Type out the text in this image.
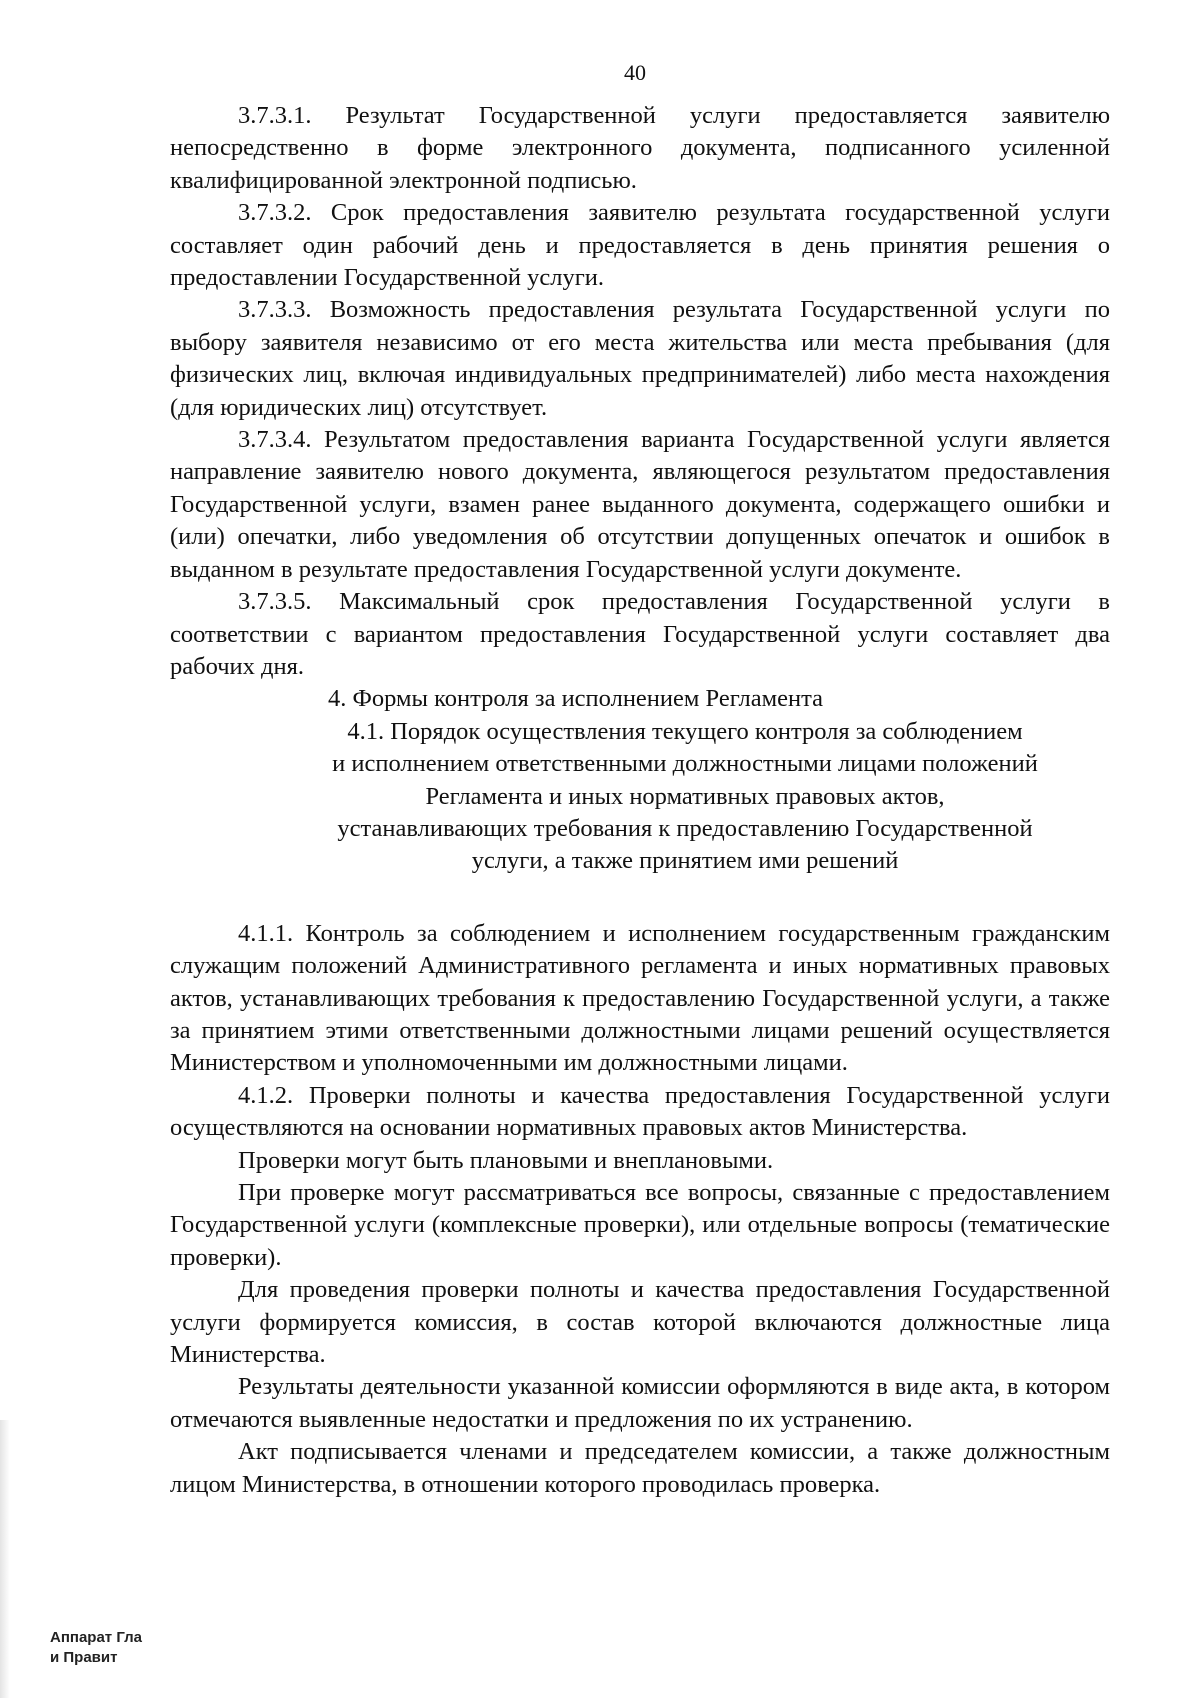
40

3.7.3.1. Результат Государственной услуги предоставляется заявителю непосредственно в форме электронного документа, подписанного усиленной квалифицированной электронной подписью.

3.7.3.2. Срок предоставления заявителю результата государственной услуги составляет один рабочий день и предоставляется в день принятия решения о предоставлении Государственной услуги.

3.7.3.3. Возможность предоставления результата Государственной услуги по выбору заявителя независимо от его места жительства или места пребывания (для физических лиц, включая индивидуальных предпринимателей) либо места нахождения (для юридических лиц) отсутствует.

3.7.3.4. Результатом предоставления варианта Государственной услуги является направление заявителю нового документа, являющегося результатом предоставления Государственной услуги, взамен ранее выданного документа, содержащего ошибки и (или) опечатки, либо уведомления об отсутствии допущенных опечаток и ошибок в выданном в результате предоставления Государственной услуги документе.

3.7.3.5. Максимальный срок предоставления Государственной услуги в соответствии с вариантом предоставления Государственной услуги составляет два рабочих дня.

4. Формы контроля за исполнением Регламента

4.1. Порядок осуществления текущего контроля за соблюдением
и исполнением ответственными должностными лицами положений
Регламента и иных нормативных правовых актов,
устанавливающих требования к предоставлению Государственной
услуги, а также принятием ими решений

4.1.1. Контроль за соблюдением и исполнением государственным гражданским служащим положений Административного регламента и иных нормативных правовых актов, устанавливающих требования к предоставлению Государственной услуги, а также за принятием этими ответственными должностными лицами решений осуществляется Министерством и уполномоченными им должностными лицами.

4.1.2. Проверки полноты и качества предоставления Государственной услуги осуществляются на основании нормативных правовых актов Министерства.

Проверки могут быть плановыми и внеплановыми.

При проверке могут рассматриваться все вопросы, связанные с предоставлением Государственной услуги (комплексные проверки), или отдельные вопросы (тематические проверки).

Для проведения проверки полноты и качества предоставления Государственной услуги формируется комиссия, в состав которой включаются должностные лица Министерства.

Результаты деятельности указанной комиссии оформляются в виде акта, в котором отмечаются выявленные недостатки и предложения по их устранению.

Акт подписывается членами и председателем комиссии, а также должностным лицом Министерства, в отношении которого проводилась проверка.

Аппарат Гла
и Правит
